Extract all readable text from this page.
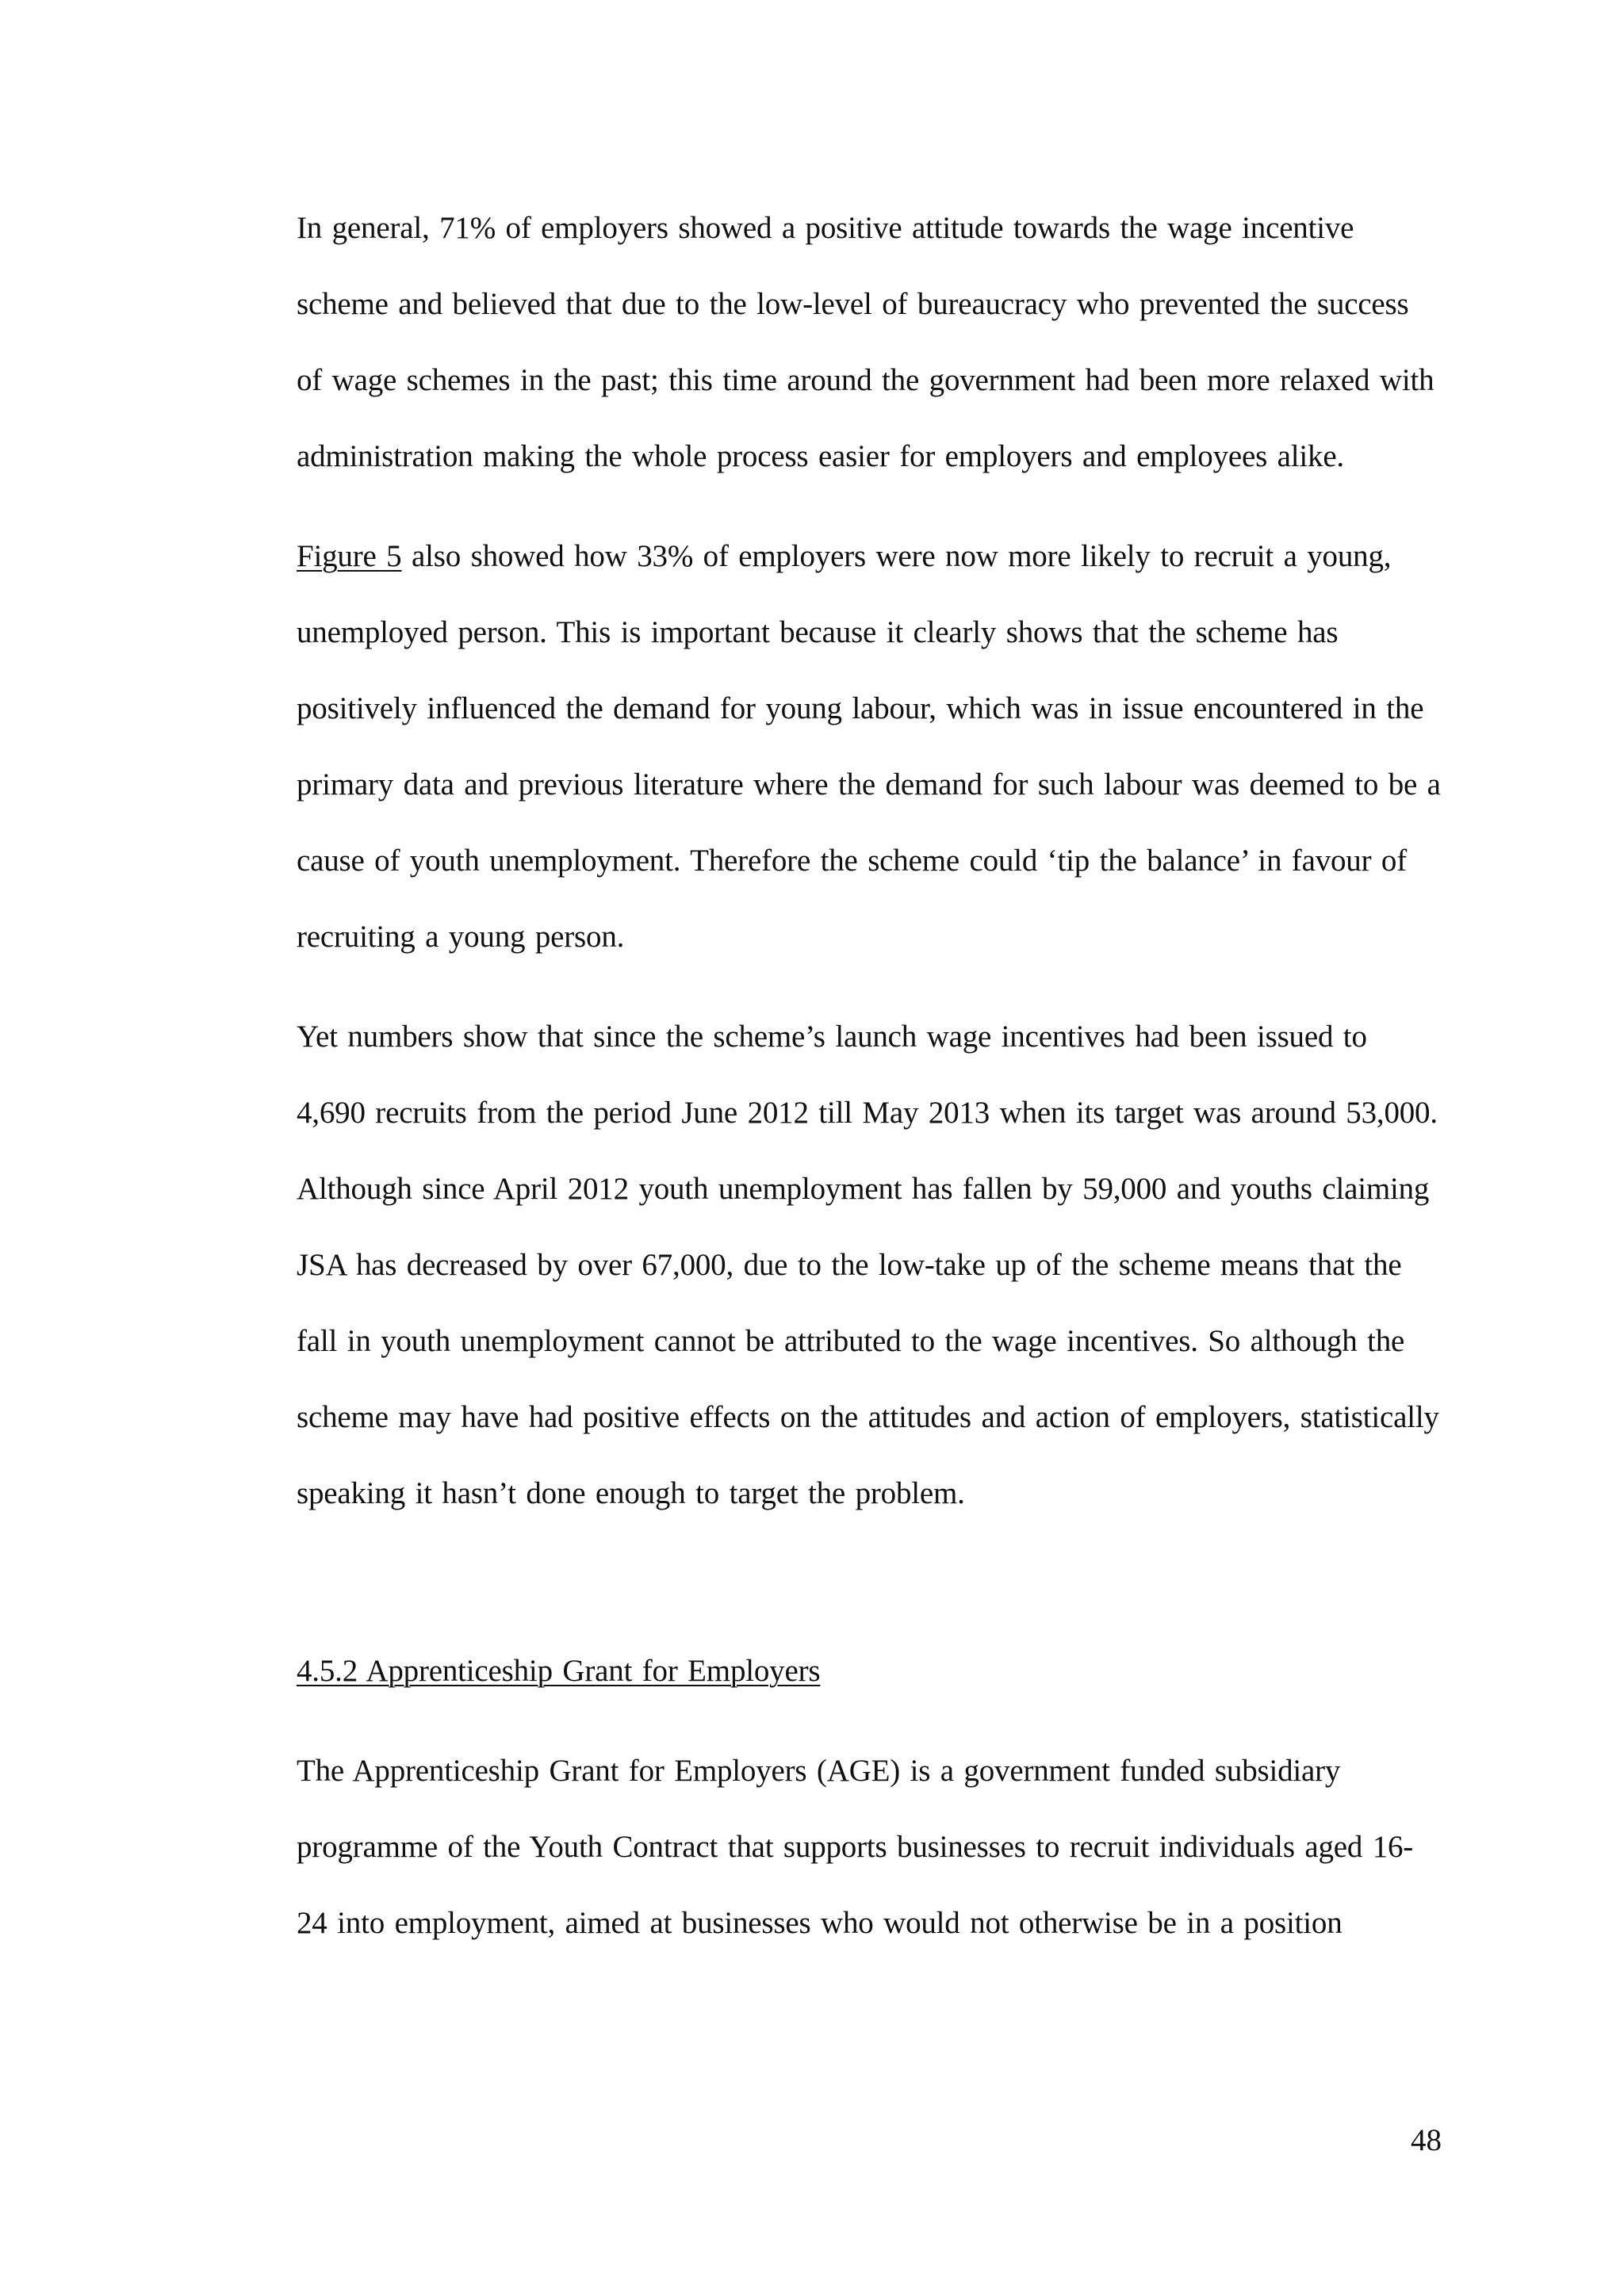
In general, 71% of employers showed a positive attitude towards the wage incentive scheme and believed that due to the low-level of bureaucracy who prevented the success of wage schemes in the past; this time around the government had been more relaxed with administration making the whole process easier for employers and employees alike.

Figure 5 also showed how 33% of employers were now more likely to recruit a young, unemployed person. This is important because it clearly shows that the scheme has positively influenced the demand for young labour, which was in issue encountered in the primary data and previous literature where the demand for such labour was deemed to be a cause of youth unemployment. Therefore the scheme could ‘tip the balance’ in favour of recruiting a young person.

Yet numbers show that since the scheme’s launch wage incentives had been issued to 4,690 recruits from the period June 2012 till May 2013 when its target was around 53,000. Although since April 2012 youth unemployment has fallen by 59,000 and youths claiming JSA has decreased by over 67,000, due to the low-take up of the scheme means that the fall in youth unemployment cannot be attributed to the wage incentives. So although the scheme may have had positive effects on the attitudes and action of employers, statistically speaking it hasn’t done enough to target the problem.

4.5.2 Apprenticeship Grant for Employers

The Apprenticeship Grant for Employers (AGE) is a government funded subsidiary programme of the Youth Contract that supports businesses to recruit individuals aged 16-24 into employment, aimed at businesses who would not otherwise be in a position

48
